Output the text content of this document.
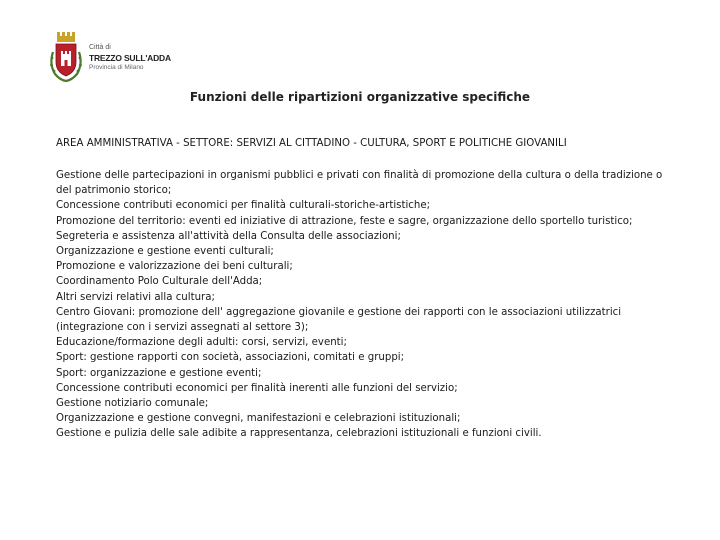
Città di
TREZZO SULL'ADDA
Provincia di Milano
Funzioni delle ripartizioni organizzative specifiche

AREA AMMINISTRATIVA - SETTORE: SERVIZI AL CITTADINO - CULTURA, SPORT E POLITICHE GIOVANILI

Gestione delle partecipazioni in organismi pubblici e privati con finalità di promozione della cultura o della tradizione o del patrimonio storico;
Concessione contributi economici per finalità culturali-storiche-artistiche;
Promozione del territorio: eventi ed iniziative di attrazione, feste e sagre, organizzazione dello sportello turistico;
Segreteria e assistenza all'attività della Consulta delle associazioni;
Organizzazione e gestione eventi culturali;
Promozione e valorizzazione dei beni culturali;
Coordinamento Polo Culturale dell'Adda;
Altri servizi relativi alla cultura;
Centro Giovani: promozione dell' aggregazione giovanile e gestione dei rapporti con le associazioni utilizzatrici (integrazione con i servizi assegnati al settore 3);
Educazione/formazione degli adulti: corsi, servizi, eventi;
Sport: gestione rapporti con società, associazioni, comitati e gruppi;
Sport: organizzazione e gestione eventi;
Concessione contributi economici per finalità inerenti alle funzioni del servizio;
Gestione notiziario comunale;
Organizzazione e gestione convegni, manifestazioni e celebrazioni istituzionali;
Gestione e pulizia delle sale adibite a rappresentanza, celebrazioni istituzionali e funzioni civili.
